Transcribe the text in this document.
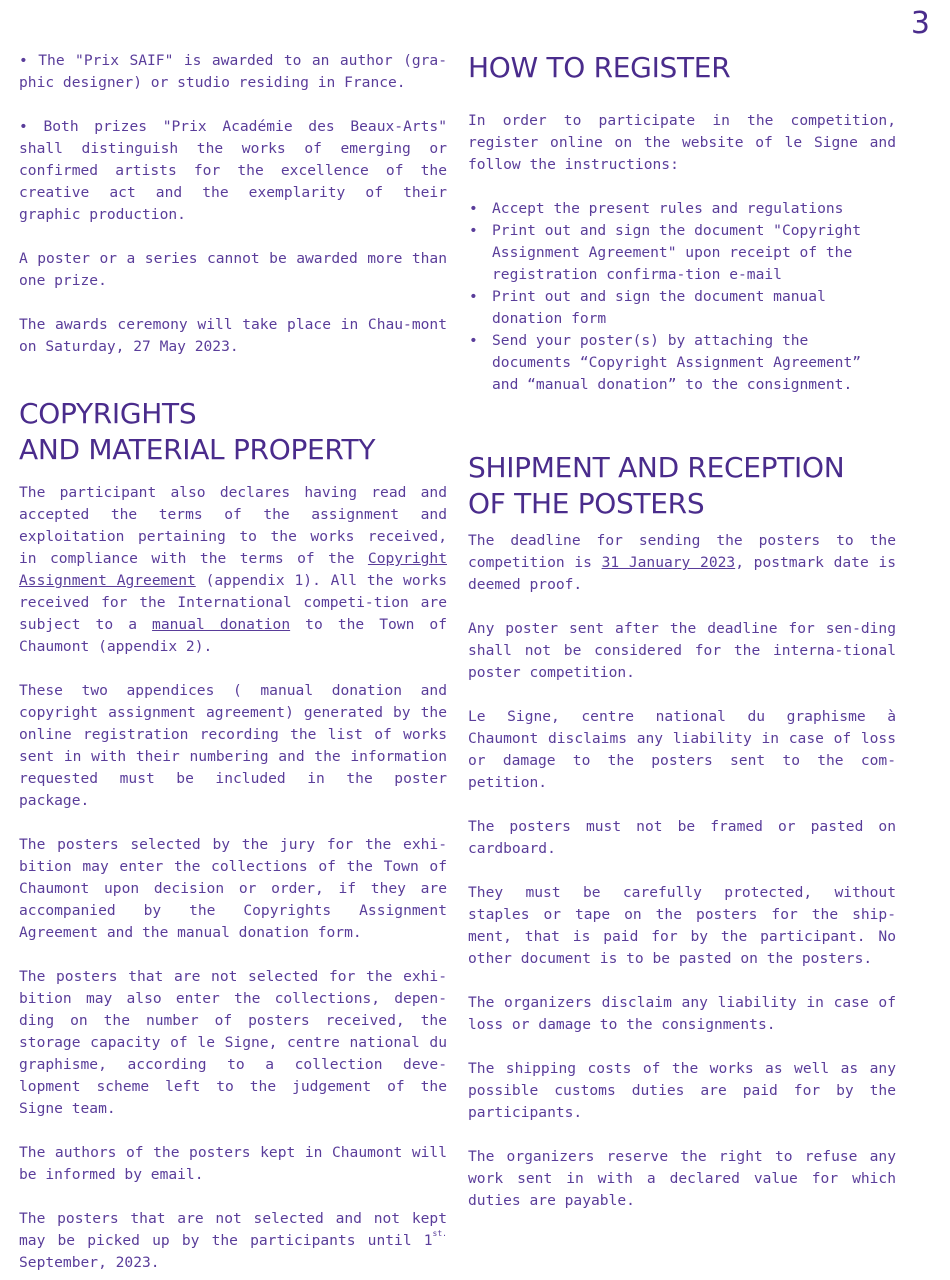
3

• The "Prix SAIF" is awarded to an author (gra-phic designer) or studio residing in France.

• Both prizes "Prix Académie des Beaux-Arts" shall distinguish the works of emerging or confirmed artists for the excellence of the creative act and the exemplarity of their graphic production.

A poster or a series cannot be awarded more than one prize.

The awards ceremony will take place in Chau-mont on Saturday, 27 May 2023.

COPYRIGHTS
AND MATERIAL PROPERTY

The participant also declares having read and accepted the terms of the assignment and exploitation pertaining to the works received, in compliance with the terms of the Copyright Assignment Agreement (appendix 1). All the works received for the International competi-tion are subject to a manual donation to the Town of Chaumont (appendix 2).

These two appendices ( manual donation and copyright assignment agreement) generated by the online registration recording the list of works sent in with their numbering and the information requested must be included in the poster package.

The posters selected by the jury for the exhi-bition may enter the collections of the Town of Chaumont upon decision or order, if they are accompanied by the Copyrights Assignment Agreement and the manual donation form.

The posters that are not selected for the exhi-bition may also enter the collections, depen-ding on the number of posters received, the storage capacity of le Signe, centre national du graphisme, according to a collection deve-lopment scheme left to the judgement of the Signe team.

The authors of the posters kept in Chaumont will be informed by email.

The posters that are not selected and not kept may be picked up by the participants until $1^{st.}$ September, 2023.

HOW TO REGISTER

In order to participate in the competition, register online on the website of le Signe and follow the instructions:

• Accept the present rules and regulations
• Print out and sign the document "Copyright Assignment Agreement" upon receipt of the registration confirma-tion e-mail
• Print out and sign the document manual donation form
• Send your poster(s) by attaching the documents “Copyright Assignment Agreement” and “manual donation” to the consignment.
SHIPMENT AND RECEPTION
OF THE POSTERS

The deadline for sending the posters to the competition is 31 January 2023, postmark date is deemed proof.

Any poster sent after the deadline for sen-ding shall not be considered for the interna-tional poster competition.

Le Signe, centre national du graphisme à Chaumont disclaims any liability in case of loss or damage to the posters sent to the com-petition.

The posters must not be framed or pasted on cardboard.

They must be carefully protected, without staples or tape on the posters for the ship-ment, that is paid for by the participant. No other document is to be pasted on the posters.

The organizers disclaim any liability in case of loss or damage to the consignments.

The shipping costs of the works as well as any possible customs duties are paid for by the participants.

The organizers reserve the right to refuse any work sent in with a declared value for which duties are payable.
